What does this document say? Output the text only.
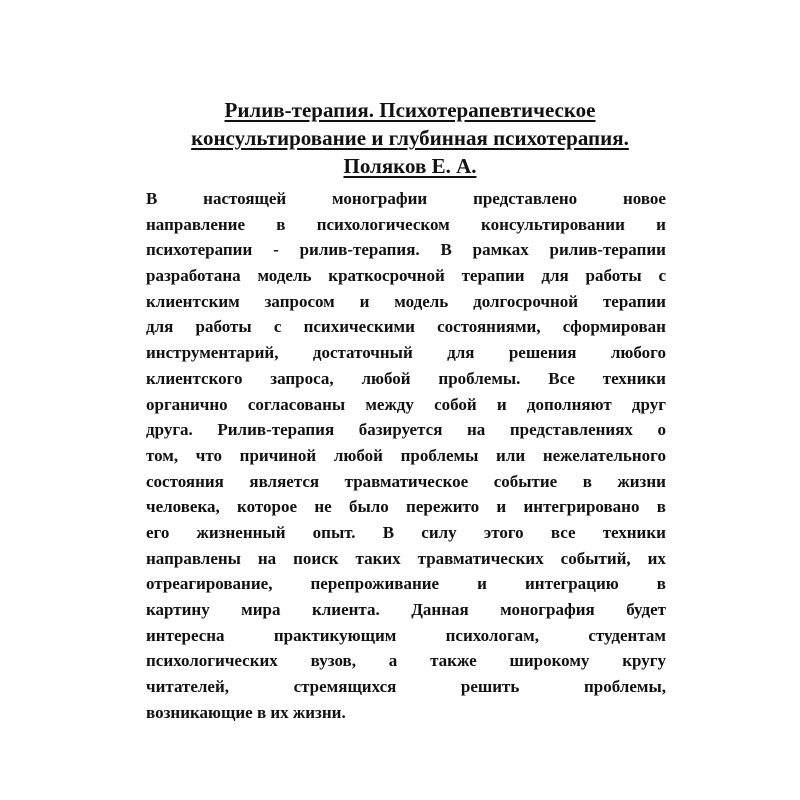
Рилив-терапия. Психотерапевтическое
консультирование и глубинная психотерапия.
Поляков Е. А.
В	настоящей	монографии	представлено	новое
направление в психологическом консультировании и
психотерапии - рилив-терапия. В рамках рилив-терапии
разработана модель краткосрочной терапии для работы с
клиентским запросом и модель долгосрочной терапии
для работы с психическими состояниями, сформирован
инструментарий, достаточный для решения любого
клиентского запроса, любой проблемы. Все техники
органично согласованы между собой и дополняют друг
друга. Рилив-терапия базируется на представлениях о
том, что причиной любой проблемы или нежелательного
состояния является травматическое событие в жизни
человека, которое не было пережито и интегрировано в
его жизненный опыт. В силу этого все техники
направлены на поиск таких травматических событий, их
отреагирование, перепроживание и интеграцию в
картину мира клиента. Данная монография будет
интересна	практикующим	психологам,	студентам
психологических вузов, а также широкому кругу
читателей,	стремящихся	решить	проблемы,
возникающие в их жизни.
